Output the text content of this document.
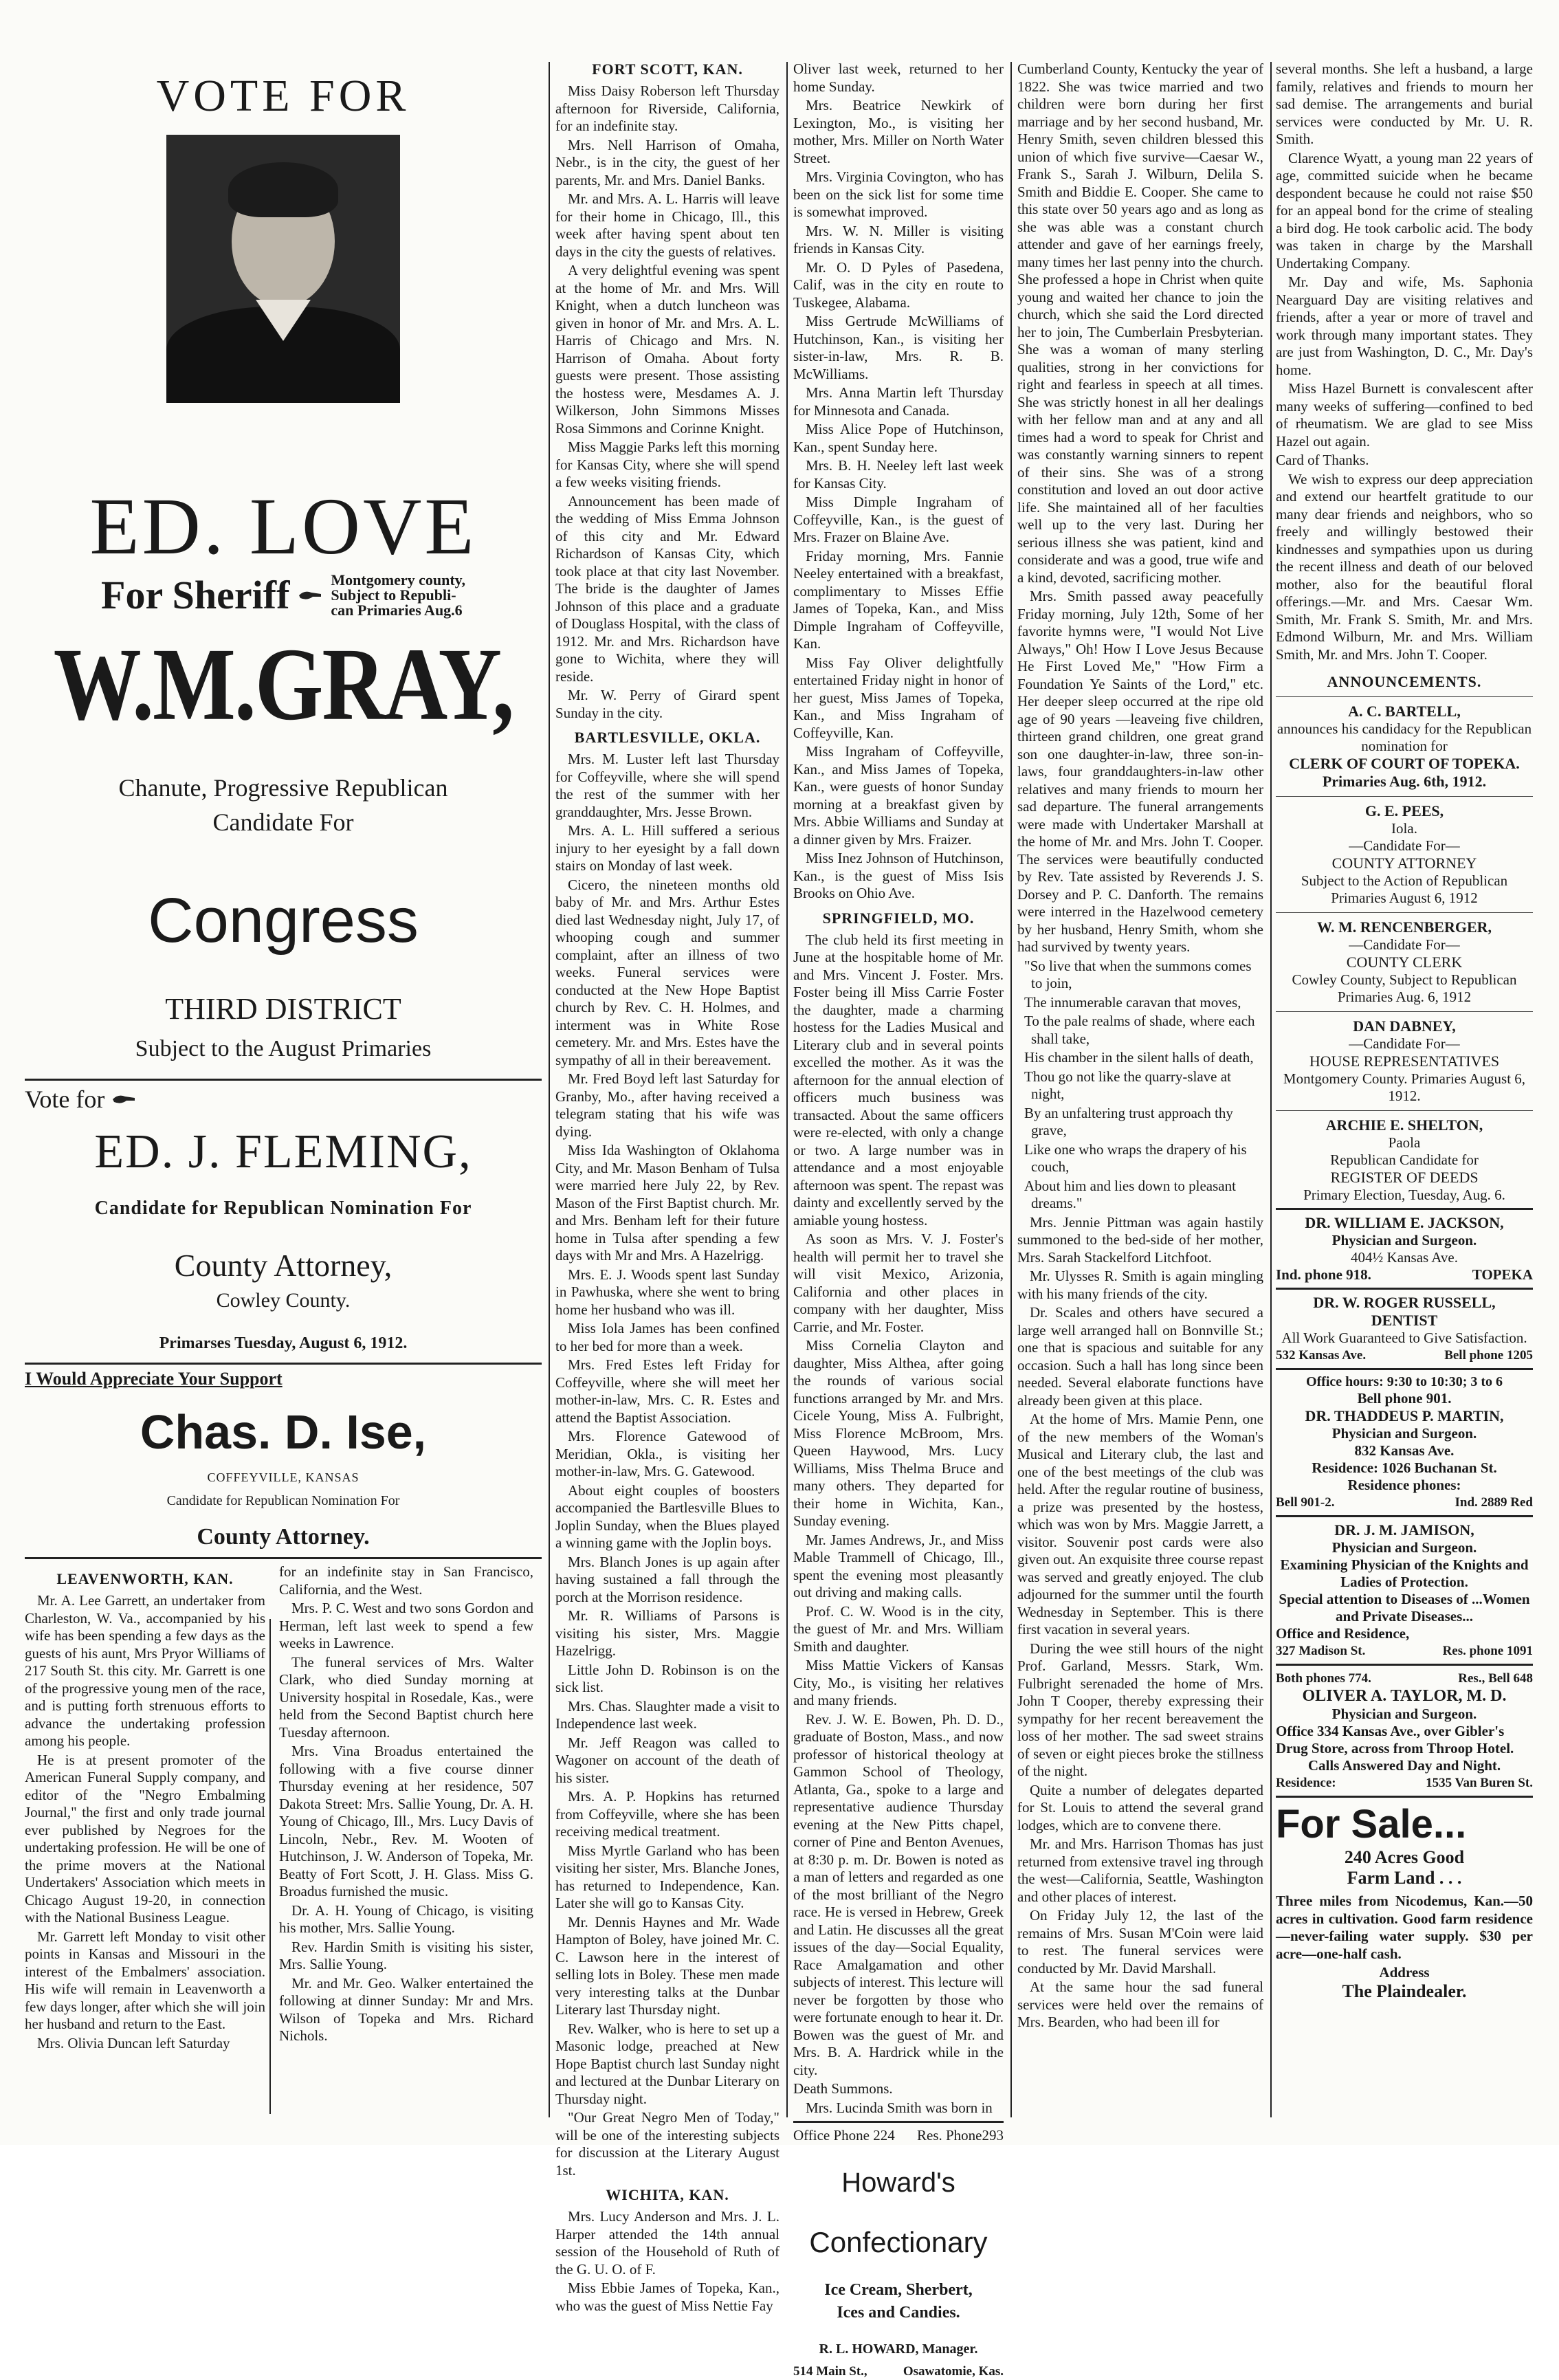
VOTE FOR
ED. LOVE
For Sheriff	Montgomery county,
Subject to Republi-
can Primaries Aug.6
W.M.GRAY,
Chanute, Progressive Republican
Candidate For
Congress
THIRD DISTRICT
Subject to the August Primaries
Vote for
ED. J. FLEMING,
Candidate for Republican Nomination For
County Attorney,
Cowley County.
Primarses Tuesday, August 6, 1912.
I Would Appreciate Your Support
Chas. D. Ise,
COFFEYVILLE, KANSAS
Candidate for Republican Nomination For
County Attorney.
LEAVENWORTH, KAN.

Mr. A. Lee Garrett, an undertaker from Charleston, W. Va., accompanied by his wife has been spending a few days as the guests of his aunt, Mrs Pryor Williams of 217 South St. this city. Mr. Garrett is one of the progressive young men of the race, and is putting forth strenuous efforts to advance the undertaking profession among his people.

He is at present promoter of the American Funeral Supply company, and editor of the "Negro Embalming Journal," the first and only trade journal ever published by Negroes for the undertaking profession. He will be one of the prime movers at the National Undertakers' Association which meets in Chicago August 19-20, in connection with the National Business League.

Mr. Garrett left Monday to visit other points in Kansas and Missouri in the interest of the Embalmers' association. His wife will remain in Leavenworth a few days longer, after which she will join her husband and return to the East.

Mrs. Olivia Duncan left Saturday

for an indefinite stay in San Francisco, California, and the West.

Mrs. P. C. West and two sons Gordon and Herman, left last week to spend a few weeks in Lawrence.

The funeral services of Mrs. Walter Clark, who died Sunday morning at University hospital in Rosedale, Kas., were held from the Second Baptist church here Tuesday afternoon.

Mrs. Vina Broadus entertained the following with a five course dinner Thursday evening at her residence, 507 Dakota Street: Mrs. Sallie Young, Dr. A. H. Young of Chicago, Ill., Mrs. Lucy Davis of Lincoln, Nebr., Rev. M. Wooten of Hutchinson, J. W. Anderson of Topeka, Mr. Beatty of Fort Scott, J. H. Glass. Miss G. Broadus furnished the music.

Dr. A. H. Young of Chicago, is visiting his mother, Mrs. Sallie Young.

Rev. Hardin Smith is visiting his sister, Mrs. Sallie Young.

Mr. and Mr. Geo. Walker entertained the following at dinner Sunday: Mr and Mrs. Wilson of Topeka and Mrs. Richard Nichols.

FORT SCOTT, KAN.

Miss Daisy Roberson left Thursday afternoon for Riverside, California, for an indefinite stay.

Mrs. Nell Harrison of Omaha, Nebr., is in the city, the guest of her parents, Mr. and Mrs. Daniel Banks.

Mr. and Mrs. A. L. Harris will leave for their home in Chicago, Ill., this week after having spent about ten days in the city the guests of relatives.

A very delightful evening was spent at the home of Mr. and Mrs. Will Knight, when a dutch luncheon was given in honor of Mr. and Mrs. A. L. Harris of Chicago and Mrs. N. Harrison of Omaha. About forty guests were present. Those assisting the hostess were, Mesdames A. J. Wilkerson, John Simmons Misses Rosa Simmons and Corinne Knight.

Miss Maggie Parks left this morning for Kansas City, where she will spend a few weeks visiting friends.

Announcement has been made of the wedding of Miss Emma Johnson of this city and Mr. Edward Richardson of Kansas City, which took place at that city last November. The bride is the daughter of James Johnson of this place and a graduate of Douglass Hospital, with the class of 1912. Mr. and Mrs. Richardson have gone to Wichita, where they will reside.

Mr. W. Perry of Girard spent Sunday in the city.

BARTLESVILLE, OKLA.

Mrs. M. Luster left last Thursday for Coffeyville, where she will spend the rest of the summer with her granddaughter, Mrs. Jesse Brown.

Mrs. A. L. Hill suffered a serious injury to her eyesight by a fall down stairs on Monday of last week.

Cicero, the nineteen months old baby of Mr. and Mrs. Arthur Estes died last Wednesday night, July 17, of whooping cough and summer complaint, after an illness of two weeks. Funeral services were conducted at the New Hope Baptist church by Rev. C. H. Holmes, and interment was in White Rose cemetery. Mr. and Mrs. Estes have the sympathy of all in their bereavement.

Mr. Fred Boyd left last Saturday for Granby, Mo., after having received a telegram stating that his wife was dying.

Miss Ida Washington of Oklahoma City, and Mr. Mason Benham of Tulsa were married here July 22, by Rev. Mason of the First Baptist church. Mr. and Mrs. Benham left for their future home in Tulsa after spending a few days with Mr and Mrs. A Hazelrigg.

Mrs. E. J. Woods spent last Sunday in Pawhuska, where she went to bring home her husband who was ill.

Miss Iola James has been confined to her bed for more than a week.

Mrs. Fred Estes left Friday for Coffeyville, where she will meet her mother-in-law, Mrs. C. R. Estes and attend the Baptist Association.

Mrs. Florence Gatewood of Meridian, Okla., is visiting her mother-in-law, Mrs. G. Gatewood.

About eight couples of boosters accompanied the Bartlesville Blues to Joplin Sunday, when the Blues played a winning game with the Joplin boys.

Mrs. Blanch Jones is up again after having sustained a fall through the porch at the Morrison residence.

Mr. R. Williams of Parsons is visiting his sister, Mrs. Maggie Hazelrigg.

Little John D. Robinson is on the sick list.

Mrs. Chas. Slaughter made a visit to Independence last week.

Mr. Jeff Reagon was called to Wagoner on account of the death of his sister.

Mrs. A. P. Hopkins has returned from Coffeyville, where she has been receiving medical treatment.

Miss Myrtle Garland who has been visiting her sister, Mrs. Blanche Jones, has returned to Independence, Kan. Later she will go to Kansas City.

Mr. Dennis Haynes and Mr. Wade Hampton of Boley, have joined Mr. C. C. Lawson here in the interest of selling lots in Boley. These men made very interesting talks at the Dunbar Literary last Thursday night.

Rev. Walker, who is here to set up a Masonic lodge, preached at New Hope Baptist church last Sunday night and lectured at the Dunbar Literary on Thursday night.

"Our Great Negro Men of Today," will be one of the interesting subjects for discussion at the Literary August 1st.

WICHITA, KAN.

Mrs. Lucy Anderson and Mrs. J. L. Harper attended the 14th annual session of the Household of Ruth of the G. U. O. of F.

Miss Ebbie James of Topeka, Kan., who was the guest of Miss Nettie Fay

Oliver last week, returned to her home Sunday.

Mrs. Beatrice Newkirk of Lexington, Mo., is visiting her mother, Mrs. Miller on North Water Street.

Mrs. Virginia Covington, who has been on the sick list for some time is somewhat improved.

Mrs. W. N. Miller is visiting friends in Kansas City.

Mr. O. D Pyles of Pasedena, Calif, was in the city en route to Tuskegee, Alabama.

Miss Gertrude McWilliams of Hutchinson, Kan., is visiting her sister-in-law, Mrs. R. B. McWilliams.

Mrs. Anna Martin left Thursday for Minnesota and Canada.

Miss Alice Pope of Hutchinson, Kan., spent Sunday here.

Mrs. B. H. Neeley left last week for Kansas City.

Miss Dimple Ingraham of Coffeyville, Kan., is the guest of Mrs. Frazer on Blaine Ave.

Friday morning, Mrs. Fannie Neeley entertained with a breakfast, complimentary to Misses Effie James of Topeka, Kan., and Miss Dimple Ingraham of Coffeyville, Kan.

Miss Fay Oliver delightfully entertained Friday night in honor of her guest, Miss James of Topeka, Kan., and Miss Ingraham of Coffeyville, Kan.

Miss Ingraham of Coffeyville, Kan., and Miss James of Topeka, Kan., were guests of honor Sunday morning at a breakfast given by Mrs. Abbie Williams and Sunday at a dinner given by Mrs. Fraizer.

Miss Inez Johnson of Hutchinson, Kan., is the guest of Miss Isis Brooks on Ohio Ave.

SPRINGFIELD, MO.

The club held its first meeting in June at the hospitable home of Mr. and Mrs. Vincent J. Foster. Mrs. Foster being ill Miss Carrie Foster the daughter, made a charming hostess for the Ladies Musical and Literary club and in several points excelled the mother. As it was the afternoon for the annual election of officers much business was transacted. About the same officers were re-elected, with only a change or two. A large number was in attendance and a most enjoyable afternoon was spent. The repast was dainty and excellently served by the amiable young hostess.

As soon as Mrs. V. J. Foster's health will permit her to travel she will visit Mexico, Arizonia, California and other places in company with her daughter, Miss Carrie, and Mr. Foster.

Miss Cornelia Clayton and daughter, Miss Althea, after going the rounds of various social functions arranged by Mr. and Mrs. Cicele Young, Miss A. Fulbright, Miss Florence McBroom, Mrs. Queen Haywood, Mrs. Lucy Williams, Miss Thelma Bruce and many others. They departed for their home in Wichita, Kan., Sunday evening.

Mr. James Andrews, Jr., and Miss Mable Trammell of Chicago, Ill., spent the evening most pleasantly out driving and making calls.

Prof. C. W. Wood is in the city, the guest of Mr. and Mrs. William Smith and daughter.

Miss Mattie Vickers of Kansas City, Mo., is visiting her relatives and many friends.

Rev. J. W. E. Bowen, Ph. D. D., graduate of Boston, Mass., and now professor of historical theology at Gammon School of Theology, Atlanta, Ga., spoke to a large and representative audience Thursday evening at the New Pitts chapel, corner of Pine and Benton Avenues, at 8:30 p. m. Dr. Bowen is noted as a man of letters and regarded as one of the most brilliant of the Negro race. He is versed in Hebrew, Greek and Latin. He discusses all the great issues of the day—Social Equality, Race Amalgamation and other subjects of interest. This lecture will never be forgotten by those who were fortunate enough to hear it. Dr. Bowen was the guest of Mr. and Mrs. B. A. Hardrick while in the city.

Death Summons.

Mrs. Lucinda Smith was born in

Office Phone 224 Res. Phone293
Howard's
Confectionary
Ice Cream, Sherbert,
Ices and Candies.
R. L. HOWARD, Manager.
514 Main St.,	Osawatomie, Kas.

Cumberland County, Kentucky the year of 1822. She was twice married and two children were born during her first marriage and by her second husband, Mr. Henry Smith, seven children blessed this union of which five survive—Caesar W., Frank S., Sarah J. Wilburn, Delila S. Smith and Biddie E. Cooper. She came to this state over 50 years ago and as long as she was able was a constant church attender and gave of her earnings freely, many times her last penny into the church. She professed a hope in Christ when quite young and waited her chance to join the church, which she said the Lord directed her to join, The Cumberlain Presbyterian. She was a woman of many sterling qualities, strong in her convictions for right and fearless in speech at all times. She was strictly honest in all her dealings with her fellow man and at any and all times had a word to speak for Christ and was constantly warning sinners to repent of their sins. She was of a strong constitution and loved an out door active life. She maintained all of her faculties well up to the very last. During her serious illness she was patient, kind and considerate and was a good, true wife and a kind, devoted, sacrificing mother.

Mrs. Smith passed away peacefully Friday morning, July 12th, Some of her favorite hymns were, "I would Not Live Always," Oh! How I Love Jesus Because He First Loved Me," "How Firm a Foundation Ye Saints of the Lord," etc. Her deeper sleep occurred at the ripe old age of 90 years —leaveing five children, thirteen grand children, one great grand son one daughter-in-law, three son-in-laws, four granddaughters-in-law other relatives and many friends to mourn her sad departure. The funeral arrangements were made with Undertaker Marshall at the home of Mr. and Mrs. John T. Cooper. The services were beautifully conducted by Rev. Tate assisted by Reverends J. S. Dorsey and P. C. Danforth. The remains were interred in the Hazelwood cemetery by her husband, Henry Smith, whom she had survived by twenty years.

"So live that when the summons comes to join,

The innumerable caravan that moves,

To the pale realms of shade, where each shall take,

His chamber in the silent halls of death,

Thou go not like the quarry-slave at night,

By an unfaltering trust approach thy grave,

Like one who wraps the drapery of his couch,

About him and lies down to pleasant dreams."

Mrs. Jennie Pittman was again hastily summoned to the bed-side of her mother, Mrs. Sarah Stackelford Litchfoot.

Mr. Ulysses R. Smith is again mingling with his many friends of the city.

Dr. Scales and others have secured a large well arranged hall on Bonnville St.; one that is spacious and suitable for any occasion. Such a hall has long since been needed. Several elaborate functions have already been given at this place.

At the home of Mrs. Mamie Penn, one of the new members of the Woman's Musical and Literary club, the last and one of the best meetings of the club was held. After the regular routine of business, a prize was presented by the hostess, which was won by Mrs. Maggie Jarrett, a visitor. Souvenir post cards were also given out. An exquisite three course repast was served and greatly enjoyed. The club adjourned for the summer until the fourth Wednesday in September. This is there first vacation in several years.

During the wee still hours of the night Prof. Garland, Messrs. Stark, Wm. Fulbright serenaded the home of Mrs. John T Cooper, thereby expressing their sympathy for her recent bereavement the loss of her mother. The sad sweet strains of seven or eight pieces broke the stillness of the night.

Quite a number of delegates departed for St. Louis to attend the several grand lodges, which are to convene there.

Mr. and Mrs. Harrison Thomas has just returned from extensive travel ing through the west—California, Seattle, Washington and other places of interest.

On Friday July 12, the last of the remains of Mrs. Susan M'Coin were laid to rest. The funeral services were conducted by Mr. David Marshall.

At the same hour the sad funeral services were held over the remains of Mrs. Bearden, who had been ill for

several months. She left a husband, a large family, relatives and friends to mourn her sad demise. The arrangements and burial services were conducted by Mr. U. R. Smith.

Clarence Wyatt, a young man 22 years of age, committed suicide when he became despondent because he could not raise $50 for an appeal bond for the crime of stealing a bird dog. He took carbolic acid. The body was taken in charge by the Marshall Undertaking Company.

Mr. Day and wife, Ms. Saphonia Nearguard Day are visiting relatives and friends, after a year or more of travel and work through many important states. They are just from Washington, D. C., Mr. Day's home.

Miss Hazel Burnett is convalescent after many weeks of suffering—confined to bed of rheumatism. We are glad to see Miss Hazel out again.

Card of Thanks.

We wish to express our deep appreciation and extend our heartfelt gratitude to our many dear friends and neighbors, who so freely and willingly bestowed their kindnesses and sympathies upon us during the recent illness and death of our beloved mother, also for the beautiful floral offerings.—Mr. and Mrs. Caesar Wm. Smith, Mr. Frank S. Smith, Mr. and Mrs. Edmond Wilburn, Mr. and Mrs. William Smith, Mr. and Mrs. John T. Cooper.

ANNOUNCEMENTS.

A. C. BARTELL,

announces his candidacy for the Republican nomination for

CLERK OF COURT OF TOPEKA.

Primaries Aug. 6th, 1912.

G. E. PEES,

Iola.

—Candidate For—

COUNTY ATTORNEY

Subject to the Action of Republican Primaries August 6, 1912

W. M. RENCENBERGER,

—Candidate For—

COUNTY CLERK

Cowley County, Subject to Republican Primaries Aug. 6, 1912

DAN DABNEY,

—Candidate For—

HOUSE REPRESENTATIVES

Montgomery County. Primaries August 6, 1912.

ARCHIE E. SHELTON,

Paola

Republican Candidate for

REGISTER OF DEEDS

Primary Election, Tuesday, Aug. 6.

DR. WILLIAM E. JACKSON,

Physician and Surgeon.

404½ Kansas Ave.

Ind. phone 918.	TOPEKA

DR. W. ROGER RUSSELL,

DENTIST

All Work Guaranteed to Give Satisfaction.

532 Kansas Ave.	Bell phone 1205

Office hours: 9:30 to 10:30; 3 to 6

Bell phone 901.

DR. THADDEUS P. MARTIN,

Physician and Surgeon.

832 Kansas Ave.

Residence: 1026 Buchanan St.

Residence phones:

Bell 901-2.	Ind. 2889 Red

DR. J. M. JAMISON,

Physician and Surgeon.

Examining Physician of the Knights and Ladies of Protection.

Special attention to Diseases of ...Women and Private Diseases...

Office and Residence,

327 Madison St.	Res. phone 1091
Both phones 774.	Res., Bell 648

OLIVER A. TAYLOR, M. D.

Physician and Surgeon.

Office 334 Kansas Ave., over Gibler's Drug Store, across from Throop Hotel.

Calls Answered Day and Night.

Residence:	1535 Van Buren St.
For Sale...

240 Acres Good

Farm Land . . .

Three miles from Nicodemus, Kan.—50 acres in cultivation. Good farm residence—never-failing water supply. $30 per acre—one-half cash.

Address

The Plaindealer.
